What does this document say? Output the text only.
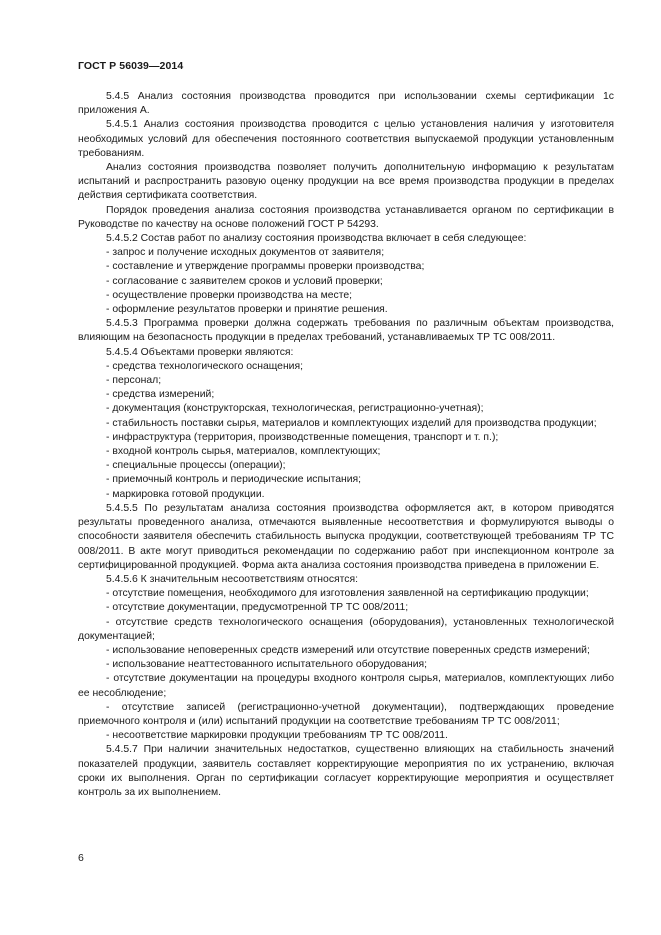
ГОСТ Р 56039—2014

5.4.5 Анализ состояния производства проводится при использовании схемы сертификации 1с приложения А.

5.4.5.1 Анализ состояния производства проводится с целью установления наличия у изготовителя необходимых условий для обеспечения постоянного соответствия выпускаемой продукции установленным требованиям.

Анализ состояния производства позволяет получить дополнительную информацию к результатам испытаний и распространить разовую оценку продукции на все время производства продукции в пределах действия сертификата соответствия.

Порядок проведения анализа состояния производства устанавливается органом по сертификации в Руководстве по качеству на основе положений ГОСТ Р 54293.

5.4.5.2 Состав работ по анализу состояния производства включает в себя следующее:

- запрос и получение исходных документов от заявителя;

- составление и утверждение программы проверки производства;

- согласование с заявителем сроков и условий проверки;

- осуществление проверки производства на месте;

- оформление результатов проверки и принятие решения.

5.4.5.3 Программа проверки должна содержать требования по различным объектам производства, влияющим на безопасность продукции в пределах требований, устанавливаемых ТР ТС 008/2011.

5.4.5.4 Объектами проверки являются:

- средства технологического оснащения;

- персонал;

- средства измерений;

- документация (конструкторская, технологическая, регистрационно-учетная);

- стабильность поставки сырья, материалов и комплектующих изделий для производства продукции;

- инфраструктура (территория, производственные помещения, транспорт и т. п.);

- входной контроль сырья, материалов, комплектующих;

- специальные процессы (операции);

- приемочный контроль и периодические испытания;

- маркировка готовой продукции.

5.4.5.5 По результатам анализа состояния производства оформляется акт, в котором приводятся результаты проведенного анализа, отмечаются выявленные несоответствия и формулируются выводы о способности заявителя обеспечить стабильность выпуска продукции, соответствующей требованиям ТР ТС 008/2011. В акте могут приводиться рекомендации по содержанию работ при инспекционном контроле за сертифицированной продукцией. Форма акта анализа состояния производства приведена в приложении Е.

5.4.5.6 К значительным несоответствиям относятся:

- отсутствие помещения, необходимого для изготовления заявленной на сертификацию продукции;

- отсутствие документации, предусмотренной ТР ТС 008/2011;

- отсутствие средств технологического оснащения (оборудования), установленных технологической документацией;

- использование неповеренных средств измерений или отсутствие поверенных средств измерений;

- использование неаттестованного испытательного оборудования;

- отсутствие документации на процедуры входного контроля сырья, материалов, комплектующих либо ее несоблюдение;

- отсутствие записей (регистрационно-учетной документации), подтверждающих проведение приемочного контроля и (или) испытаний продукции на соответствие требованиям ТР ТС 008/2011;

- несоответствие маркировки продукции требованиям ТР ТС 008/2011.

5.4.5.7 При наличии значительных недостатков, существенно влияющих на стабильность значений показателей продукции, заявитель составляет корректирующие мероприятия по их устранению, включая сроки их выполнения. Орган по сертификации согласует корректирующие мероприятия и осуществляет контроль за их выполнением.

6
